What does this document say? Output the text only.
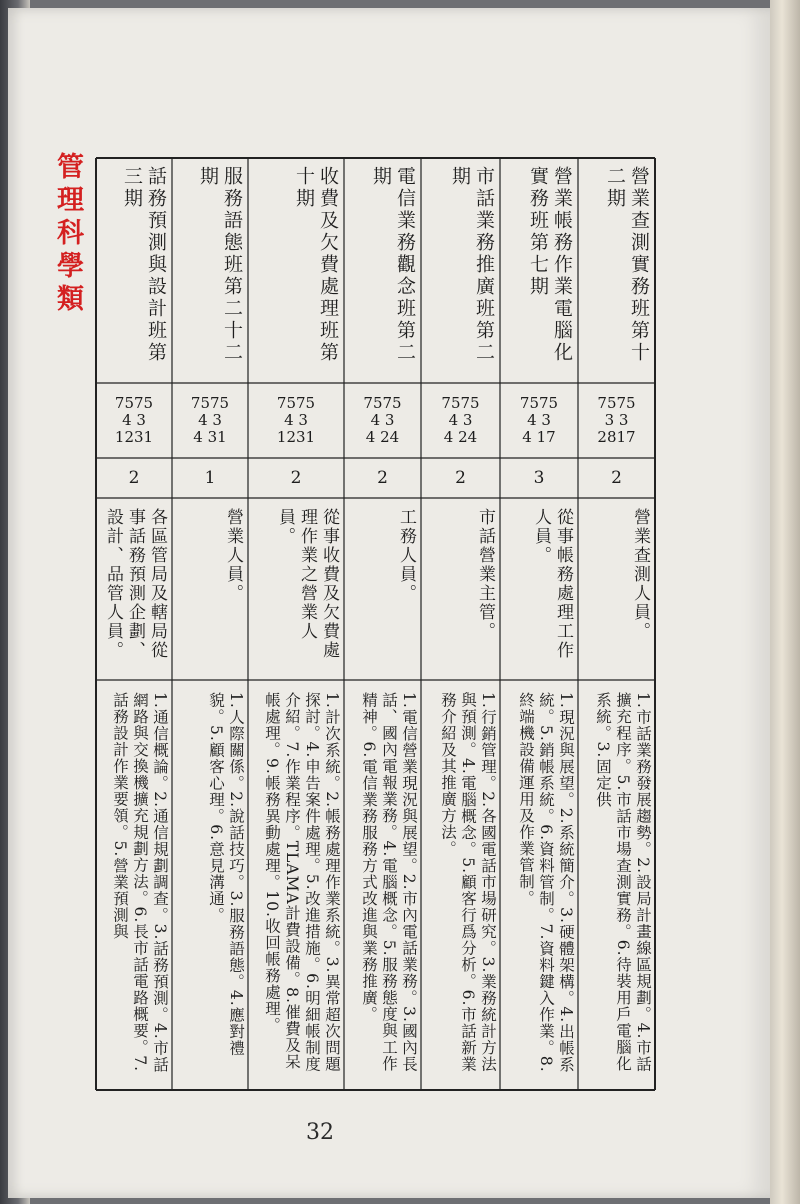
管理科學類	營業查測實務班第十二期
7575
3 3
2817
2
營業查測人員。
1.市話業務發展趨勢。2.設局計畫線區規劃。4.市話擴充程序。5.市話市場查測實務。6.待裝用戶電腦化系統。3.固定供
營業帳務作業電腦化實務班第七期
7575
4 3
4 17
3
從事帳務處理工作人員。
1.現況與展望。2.系統簡介。3.硬體架構。4.出帳系統。5.銷帳系統。6.資料管制。7.資料鍵入作業。8.終端機設備運用及作業管制。
市話業務推廣班第二期
7575
4 3
4 24
2
市話營業主管。
1.行銷管理。2.各國電話市場研究。3.業務統計方法與預測。4.電腦概念。5.顧客行爲分析。6.市話新業務介紹及其推廣方法。
電信業務觀念班第二期
7575
4 3
4 24
2
工務人員。
1.電信營業現況與展望。2.市內電話業務。3.國內長話、國內電報業務。4.電腦概念。5.服務態度與工作精神。6.電信業務服務方式改進與業務推廣。
收費及欠費處理班第十期
7575
4 3
1231
2
從事收費及欠費處理作業之營業人員。
1.計次系統。2.帳務處理作業系統。3.異常超次問題探討。4.申告案件處理。5.改進措施。6.明細帳制度介紹。7.作業程序。TLAMA計費設備。8.催費及呆帳處理。9.帳務異動處理。10.收回帳務處理。
服務語態班第二十二期
7575
4 3
4 31
1
營業人員。
1.人際關係。2.說話技巧。3.服務語態。4.應對禮貌。5.顧客心理。6.意見溝通。
話務預測與設計班第三期
7575
4 3
1231
2
各區管局及轄局從事話務預測企劃、設計、品管人員。
1.通信概論。2.通信規劃調查。3.話務預測。4.市話網路與交換機擴充規劃方法。6.長市話電路概要。7.話務設計作業要領。5.營業預測與
32
